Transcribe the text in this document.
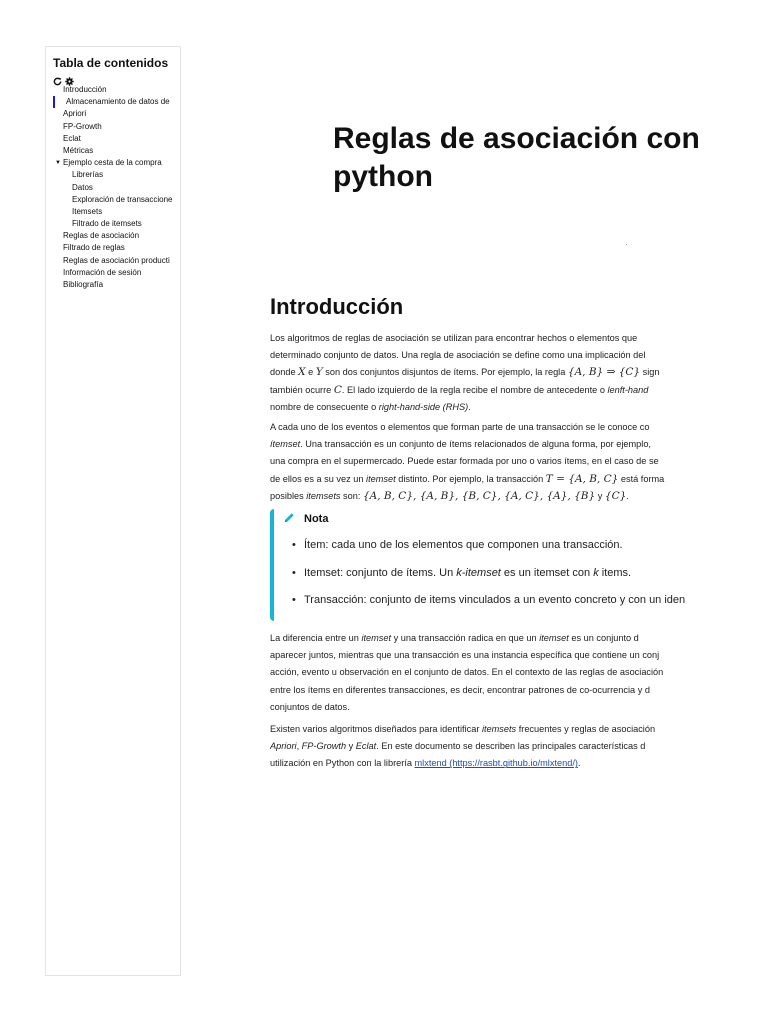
Tabla de contenidos
Introducción
Almacenamiento de datos de
Apriori
FP-Growth
Eclat
Métricas
▼ Ejemplo cesta de la compra
Librerías
Datos
Exploración de transaccione
Itemsets
Filtrado de itemsets
Reglas de asociación
Filtrado de reglas
Reglas de asociación producti
Información de sesión
Bibliografía
Reglas de asociación con python
Introducción

Los algoritmos de reglas de asociación se utilizan para encontrar hechos o elementos que
determinado conjunto de datos. Una regla de asociación se define como una implicación del
donde X e Y son dos conjuntos disjuntos de ítems. Por ejemplo, la regla {A, B} ⇒ {C} sign
también ocurre C. El lado izquierdo de la regla recibe el nombre de antecedente o lenft-hand
nombre de consecuente o right-hand-side (RHS).

A cada uno de los eventos o elementos que forman parte de una transacción se le conoce co
ítemset. Una transacción es un conjunto de ítems relacionados de alguna forma, por ejemplo,
una compra en el supermercado. Puede estar formada por uno o varios ítems, en el caso de se
de ellos es a su vez un itemset distinto. Por ejemplo, la transacción T = {A, B, C} está forma
posibles itemsets son: {A, B, C}, {A, B}, {B, C}, {A, C}, {A}, {B} y {C}.

Nota
• Ítem: cada uno de los elementos que componen una transacción.
• Itemset: conjunto de ítems. Un k-itemset es un itemset con k items.
• Transacción: conjunto de items vinculados a un evento concreto y con un iden

La diferencia entre un itemset y una transacción radica en que un itemset es un conjunto d
aparecer juntos, mientras que una transacción es una instancia específica que contiene un conj
acción, evento u observación en el conjunto de datos. En el contexto de las reglas de asociación
entre los ítems en diferentes transacciones, es decir, encontrar patrones de co-ocurrencia y d
conjuntos de datos.

Existen varios algoritmos diseñados para identificar itemsets frecuentes y reglas de asociación
Apriori, FP-Growth y Eclat. En este documento se describen las principales características d
utilización en Python con la librería mlxtend (https://rasbt.github.io/mlxtend/).
